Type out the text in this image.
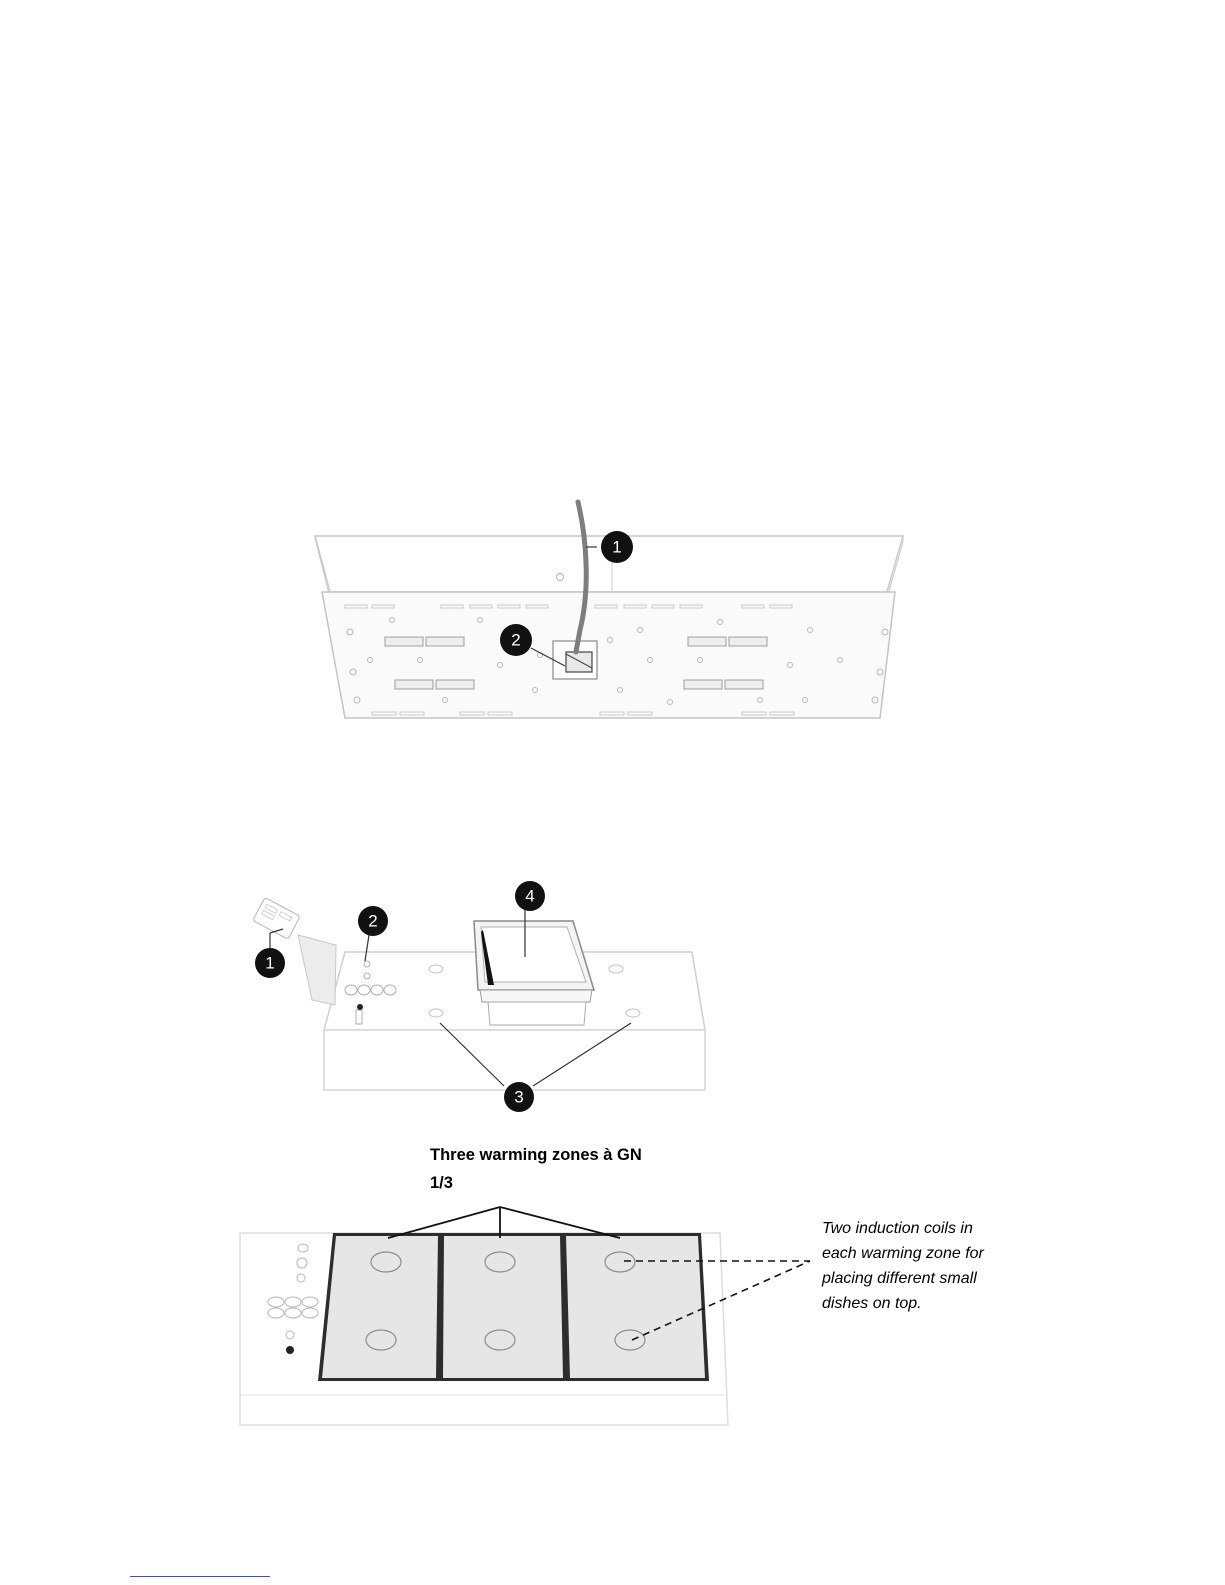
1
2
1
2
3
4
Three warming zones à GN
1/3
Two induction coils in
each warming zone for
placing different small
dishes on top.
